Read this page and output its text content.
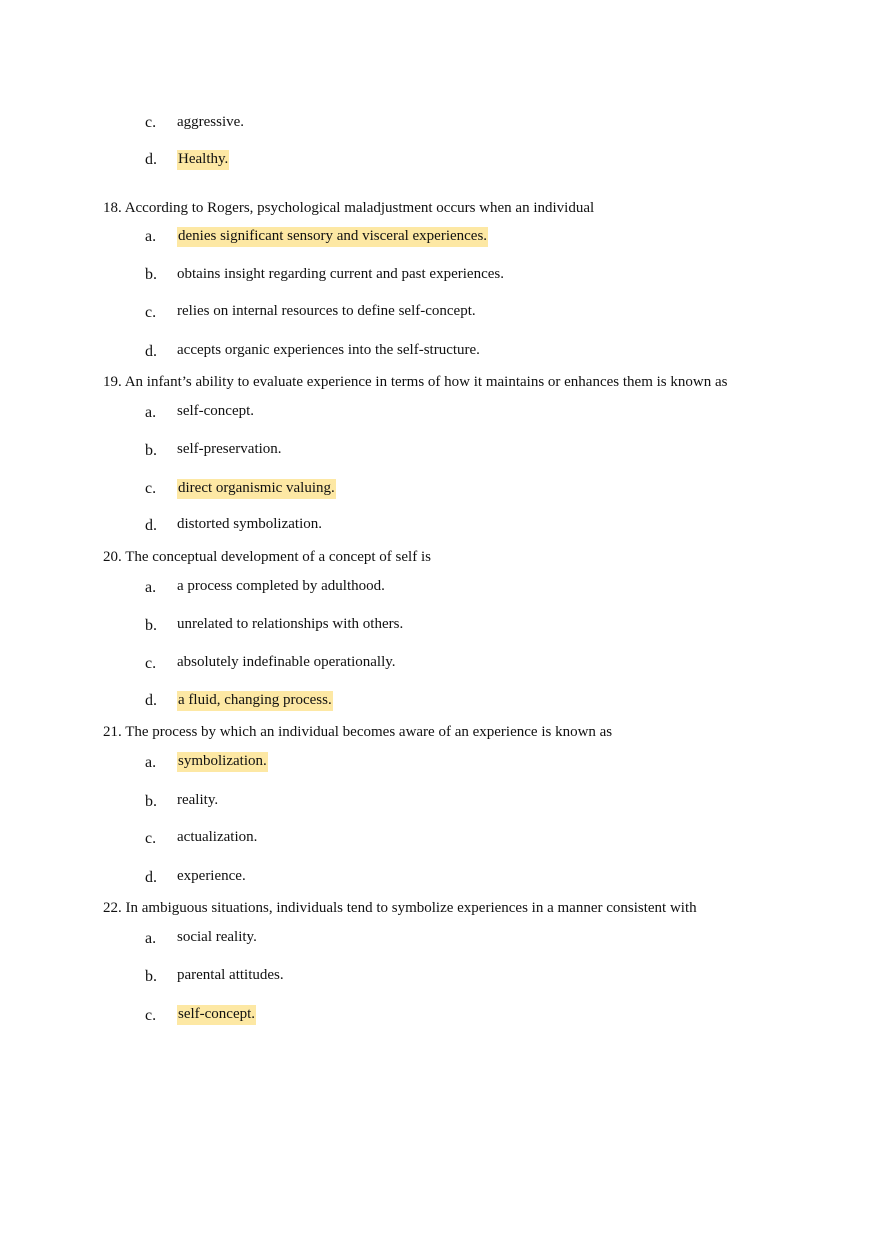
c. aggressive.
d. Healthy.
18. According to Rogers, psychological maladjustment occurs when an individual
a. denies significant sensory and visceral experiences.
b. obtains insight regarding current and past experiences.
c. relies on internal resources to define self-concept.
d. accepts organic experiences into the self-structure.
19. An infant’s ability to evaluate experience in terms of how it maintains or enhances them is known as
a. self-concept.
b. self-preservation.
c. direct organismic valuing.
d. distorted symbolization.
20. The conceptual development of a concept of self is
a. a process completed by adulthood.
b. unrelated to relationships with others.
c. absolutely indefinable operationally.
d. a fluid, changing process.
21. The process by which an individual becomes aware of an experience is known as
a. symbolization.
b. reality.
c. actualization.
d. experience.
22. In ambiguous situations, individuals tend to symbolize experiences in a manner consistent with
a. social reality.
b. parental attitudes.
c. self-concept.
